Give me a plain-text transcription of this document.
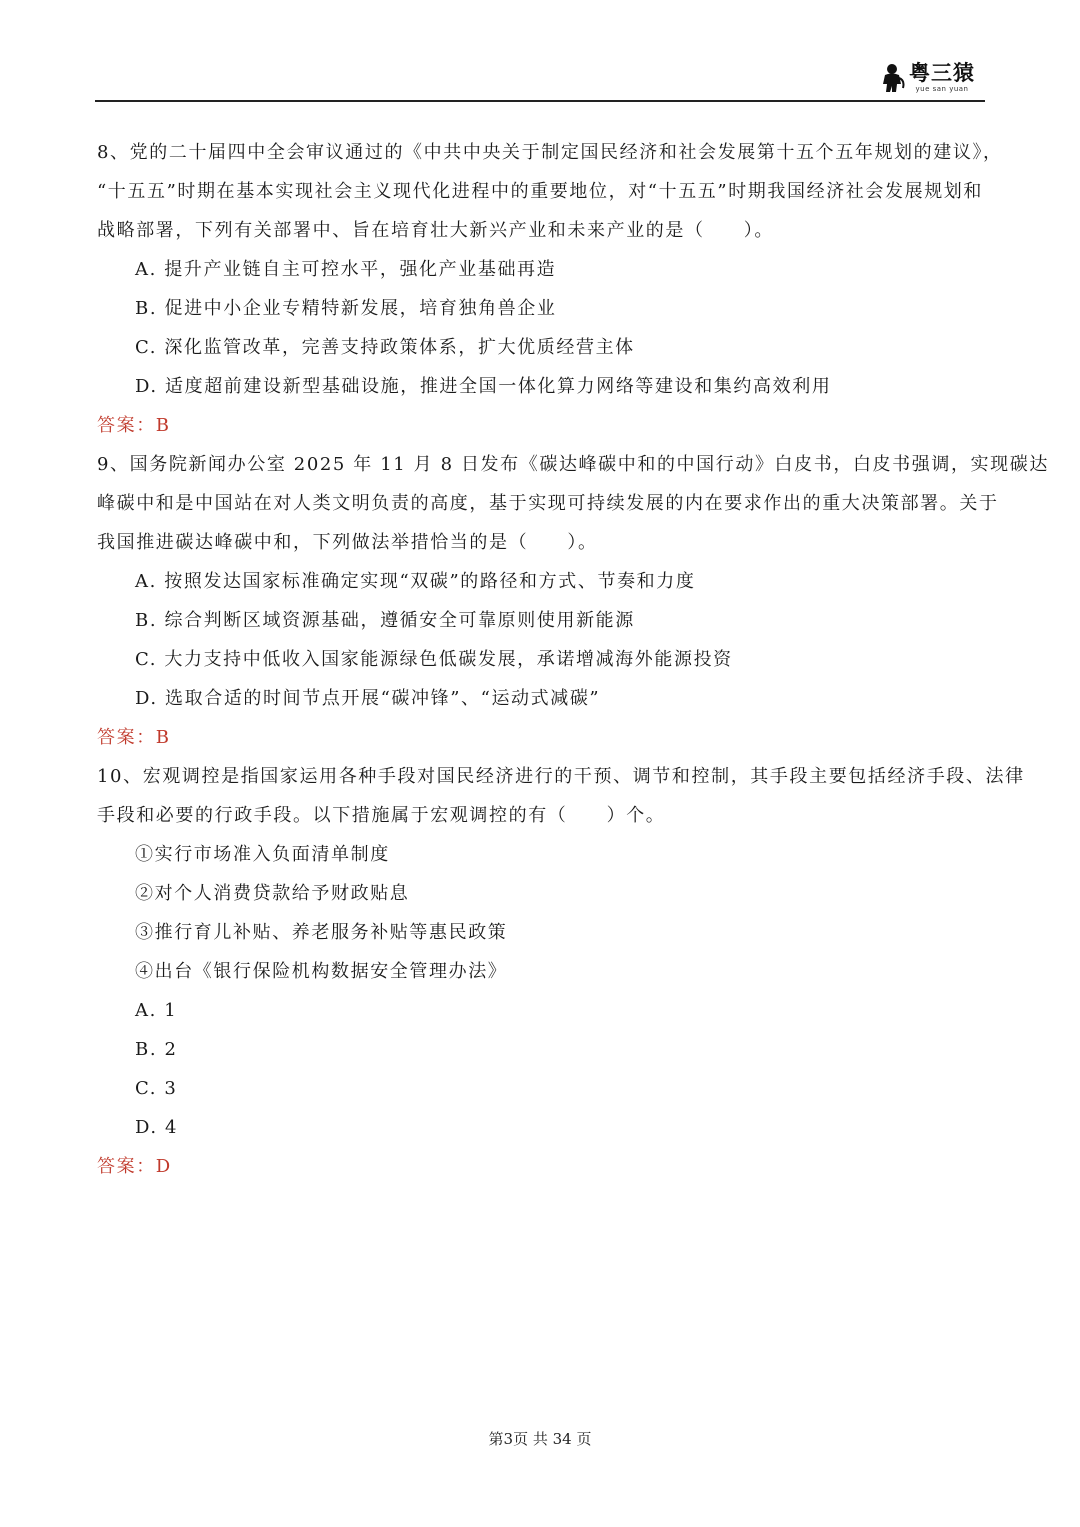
粤三猿
yue san yuan
8、党的二十届四中全会审议通过的《中共中央关于制定国民经济和社会发展第十五个五年规划的建议》，
“十五五”时期在基本实现社会主义现代化进程中的重要地位，对“十五五”时期我国经济社会发展规划和
战略部署，下列有关部署中、旨在培育壮大新兴产业和未来产业的是（　　）。
A. 提升产业链自主可控水平，强化产业基础再造
B. 促进中小企业专精特新发展，培育独角兽企业
C. 深化监管改革，完善支持政策体系，扩大优质经营主体
D. 适度超前建设新型基础设施，推进全国一体化算力网络等建设和集约高效利用
答案：B
9、国务院新闻办公室 2025 年 11 月 8 日发布《碳达峰碳中和的中国行动》白皮书，白皮书强调，实现碳达
峰碳中和是中国站在对人类文明负责的高度，基于实现可持续发展的内在要求作出的重大决策部署。关于
我国推进碳达峰碳中和，下列做法举措恰当的是（　　）。
A. 按照发达国家标准确定实现“双碳”的路径和方式、节奏和力度
B. 综合判断区域资源基础，遵循安全可靠原则使用新能源
C. 大力支持中低收入国家能源绿色低碳发展，承诺增减海外能源投资
D. 选取合适的时间节点开展“碳冲锋”、“运动式减碳”
答案：B
10、宏观调控是指国家运用各种手段对国民经济进行的干预、调节和控制，其手段主要包括经济手段、法律
手段和必要的行政手段。以下措施属于宏观调控的有（　　）个。
①实行市场准入负面清单制度
②对个人消费贷款给予财政贴息
③推行育儿补贴、养老服务补贴等惠民政策
④出台《银行保险机构数据安全管理办法》
A. 1
B. 2
C. 3
D. 4
答案：D
第3页 共 34 页
